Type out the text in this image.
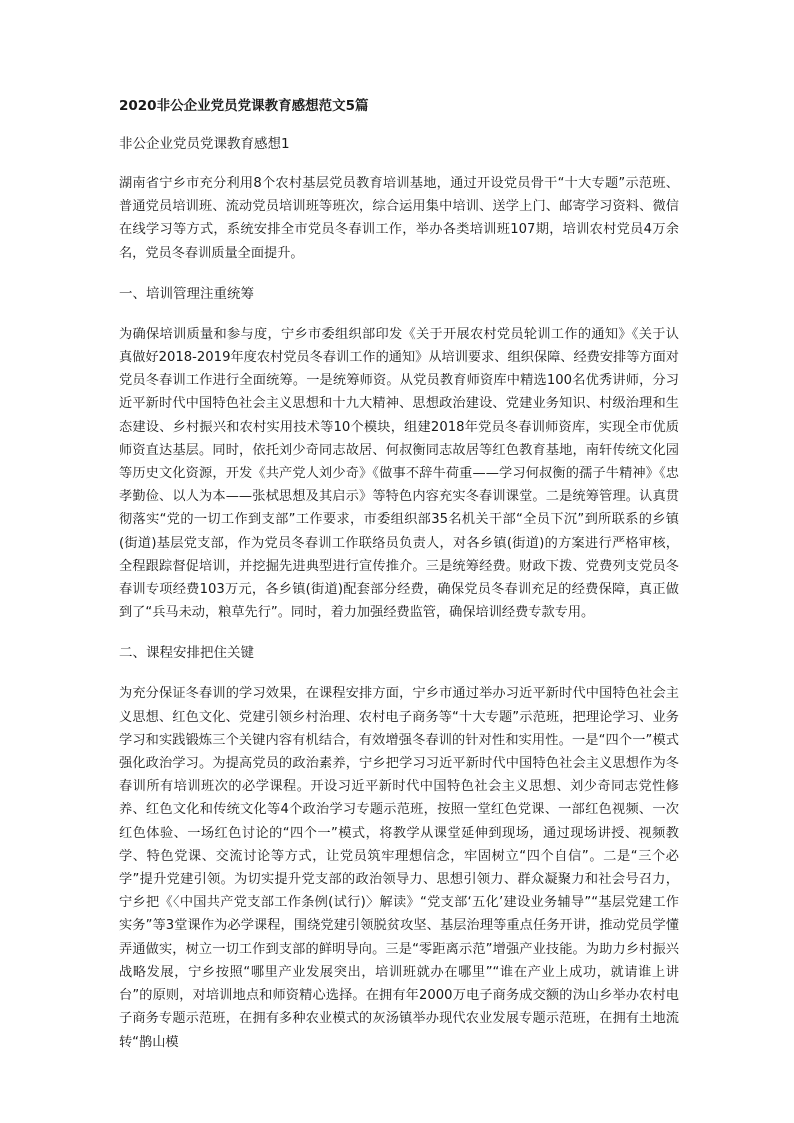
2020非公企业党员党课教育感想范文5篇
非公企业党员党课教育感想1

湖南省宁乡市充分利用8个农村基层党员教育培训基地，通过开设党员骨干“十大专题”示范班、普通党员培训班、流动党员培训班等班次，综合运用集中培训、送学上门、邮寄学习资料、微信在线学习等方式，系统安排全市党员冬春训工作，举办各类培训班107期，培训农村党员4万余名，党员冬春训质量全面提升。

一、培训管理注重统筹

为确保培训质量和参与度，宁乡市委组织部印发《关于开展农村党员轮训工作的通知》《关于认真做好2018-2019年度农村党员冬春训工作的通知》从培训要求、组织保障、经费安排等方面对党员冬春训工作进行全面统筹。一是统筹师资。从党员教育师资库中精选100名优秀讲师，分习近平新时代中国特色社会主义思想和十九大精神、思想政治建设、党建业务知识、村级治理和生态建设、乡村振兴和农村实用技术等10个模块，组建2018年党员冬春训师资库，实现全市优质师资直达基层。同时，依托刘少奇同志故居、何叔衡同志故居等红色教育基地，南轩传统文化园等历史文化资源，开发《共产党人刘少奇》《做事不辞牛荷重——学习何叔衡的孺子牛精神》《忠孝勤俭、以人为本——张栻思想及其启示》等特色内容充实冬春训课堂。二是统筹管理。认真贯彻落实“党的一切工作到支部”工作要求，市委组织部35名机关干部“全员下沉”到所联系的乡镇(街道)基层党支部，作为党员冬春训工作联络员负责人，对各乡镇(街道)的方案进行严格审核，全程跟踪督促培训，并挖掘先进典型进行宣传推介。三是统筹经费。财政下拨、党费列支党员冬春训专项经费103万元，各乡镇(街道)配套部分经费，确保党员冬春训充足的经费保障，真正做到了“兵马未动，粮草先行”。同时，着力加强经费监管，确保培训经费专款专用。

二、课程安排把住关键

为充分保证冬春训的学习效果，在课程安排方面，宁乡市通过举办习近平新时代中国特色社会主义思想、红色文化、党建引领乡村治理、农村电子商务等“十大专题”示范班，把理论学习、业务学习和实践锻炼三个关键内容有机结合，有效增强冬春训的针对性和实用性。一是“四个一”模式强化政治学习。为提高党员的政治素养，宁乡把学习习近平新时代中国特色社会主义思想作为冬春训所有培训班次的必学课程。开设习近平新时代中国特色社会主义思想、刘少奇同志党性修养、红色文化和传统文化等4个政治学习专题示范班，按照一堂红色党课、一部红色视频、一次红色体验、一场红色讨论的“四个一”模式，将教学从课堂延伸到现场，通过现场讲授、视频教学、特色党课、交流讨论等方式，让党员筑牢理想信念，牢固树立“四个自信”。二是“三个必学”提升党建引领。为切实提升党支部的政治领导力、思想引领力、群众凝聚力和社会号召力，宁乡把《〈中国共产党支部工作条例(试行)〉解读》“党支部‘五化’建设业务辅导”“基层党建工作实务”等3堂课作为必学课程，围绕党建引领脱贫攻坚、基层治理等重点任务开讲，推动党员学懂弄通做实，树立一切工作到支部的鲜明导向。三是“零距离示范”增强产业技能。为助力乡村振兴战略发展，宁乡按照“哪里产业发展突出，培训班就办在哪里”“谁在产业上成功，就请谁上讲台”的原则，对培训地点和师资精心选择。在拥有年2000万电子商务成交额的沩山乡举办农村电子商务专题示范班，在拥有多种农业模式的灰汤镇举办现代农业发展专题示范班，在拥有土地流转“鹊山模
